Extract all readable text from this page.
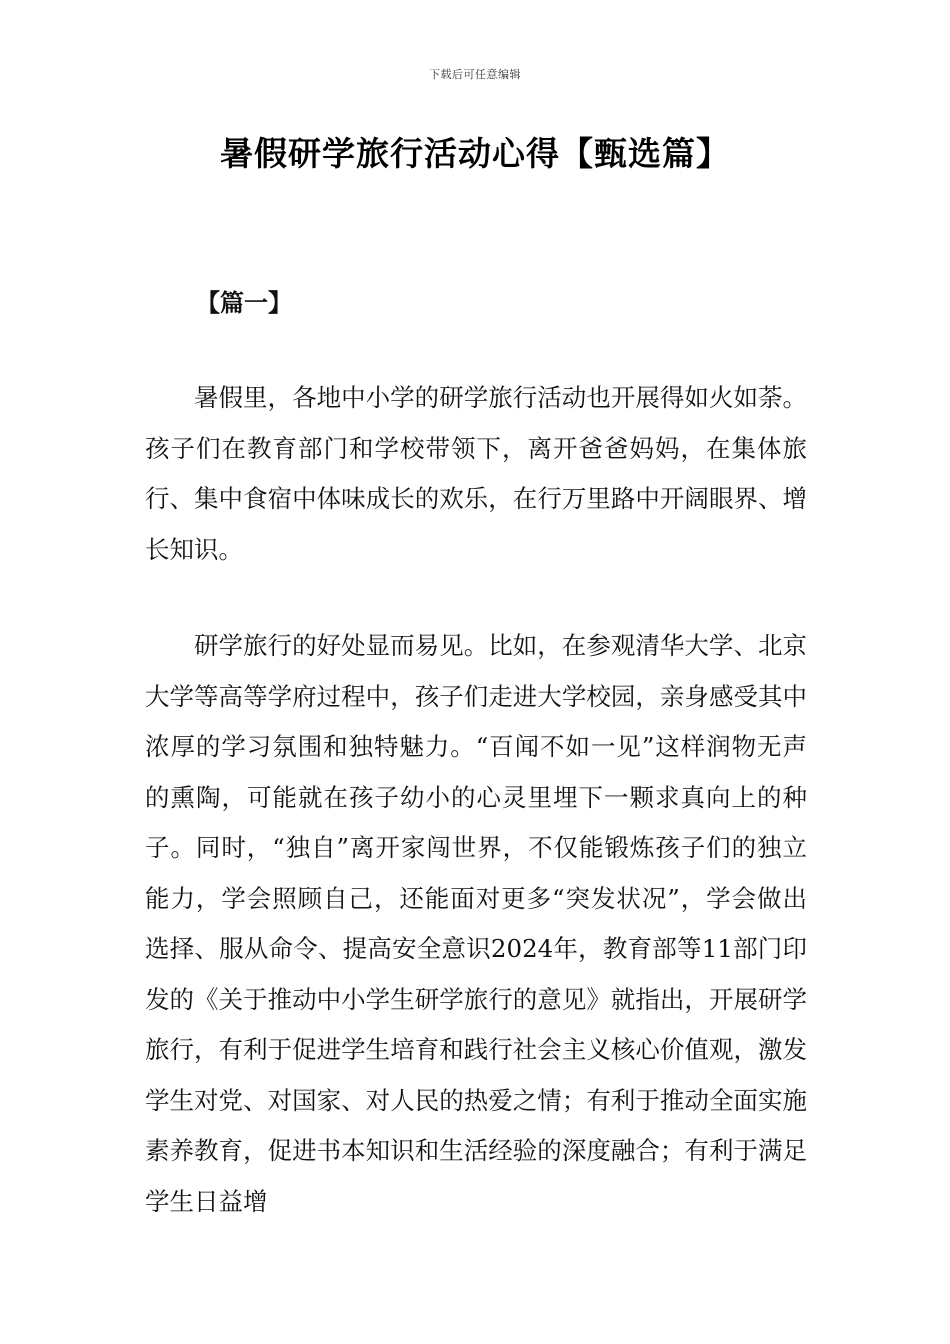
下载后可任意编辑
暑假研学旅行活动心得【甄选篇】
【篇一】

暑假里，各地中小学的研学旅行活动也开展得如火如荼。孩子们在教育部门和学校带领下，离开爸爸妈妈，在集体旅行、集中食宿中体味成长的欢乐，在行万里路中开阔眼界、增长知识。

研学旅行的好处显而易见。比如，在参观清华大学、北京大学等高等学府过程中，孩子们走进大学校园，亲身感受其中浓厚的学习氛围和独特魅力。“百闻不如一见”这样润物无声的熏陶，可能就在孩子幼小的心灵里埋下一颗求真向上的种子。同时，“独自”离开家闯世界，不仅能锻炼孩子们的独立能力，学会照顾自己，还能面对更多“突发状况”，学会做出选择、服从命令、提高安全意识2024年，教育部等11部门印发的《关于推动中小学生研学旅行的意见》就指出，开展研学旅行，有利于促进学生培育和践行社会主义核心价值观，激发学生对党、对国家、对人民的热爱之情；有利于推动全面实施素养教育，促进书本知识和生活经验的深度融合；有利于满足学生日益增
